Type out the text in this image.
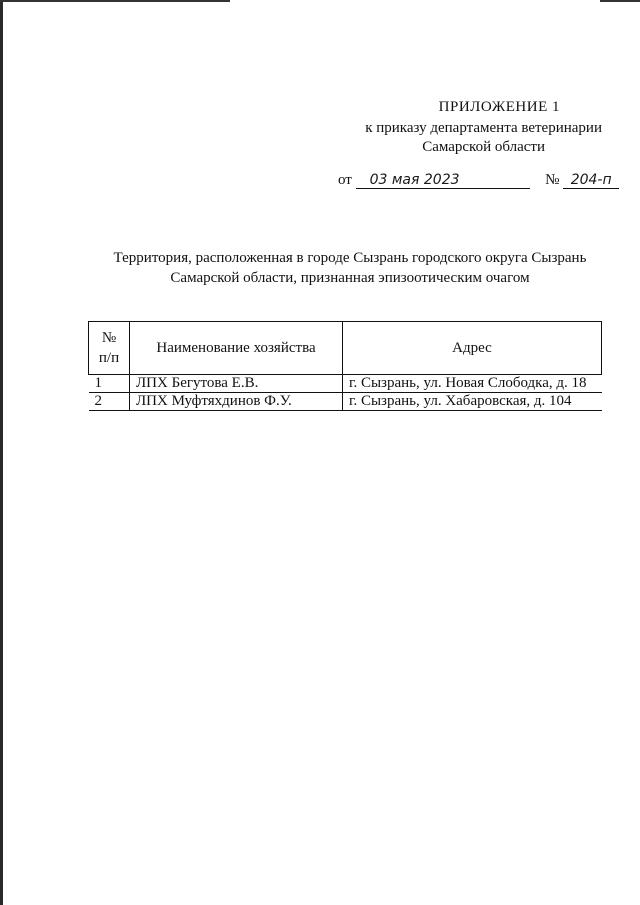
ПРИЛОЖЕНИЕ 1
к приказу департамента ветеринарии
Самарской области
от 03 мая 2023	№ 204-п
Территория, расположенная в городе Сызрань городского округа Сызрань
Самарской области, признанная эпизоотическим очагом
№
п/п	Наименование хозяйства	Адрес
1	ЛПХ Бегутова Е.В.	г. Сызрань, ул. Новая Слободка, д. 18
2	ЛПХ Муфтяхдинов Ф.У.	г. Сызрань, ул. Хабаровская, д. 104
